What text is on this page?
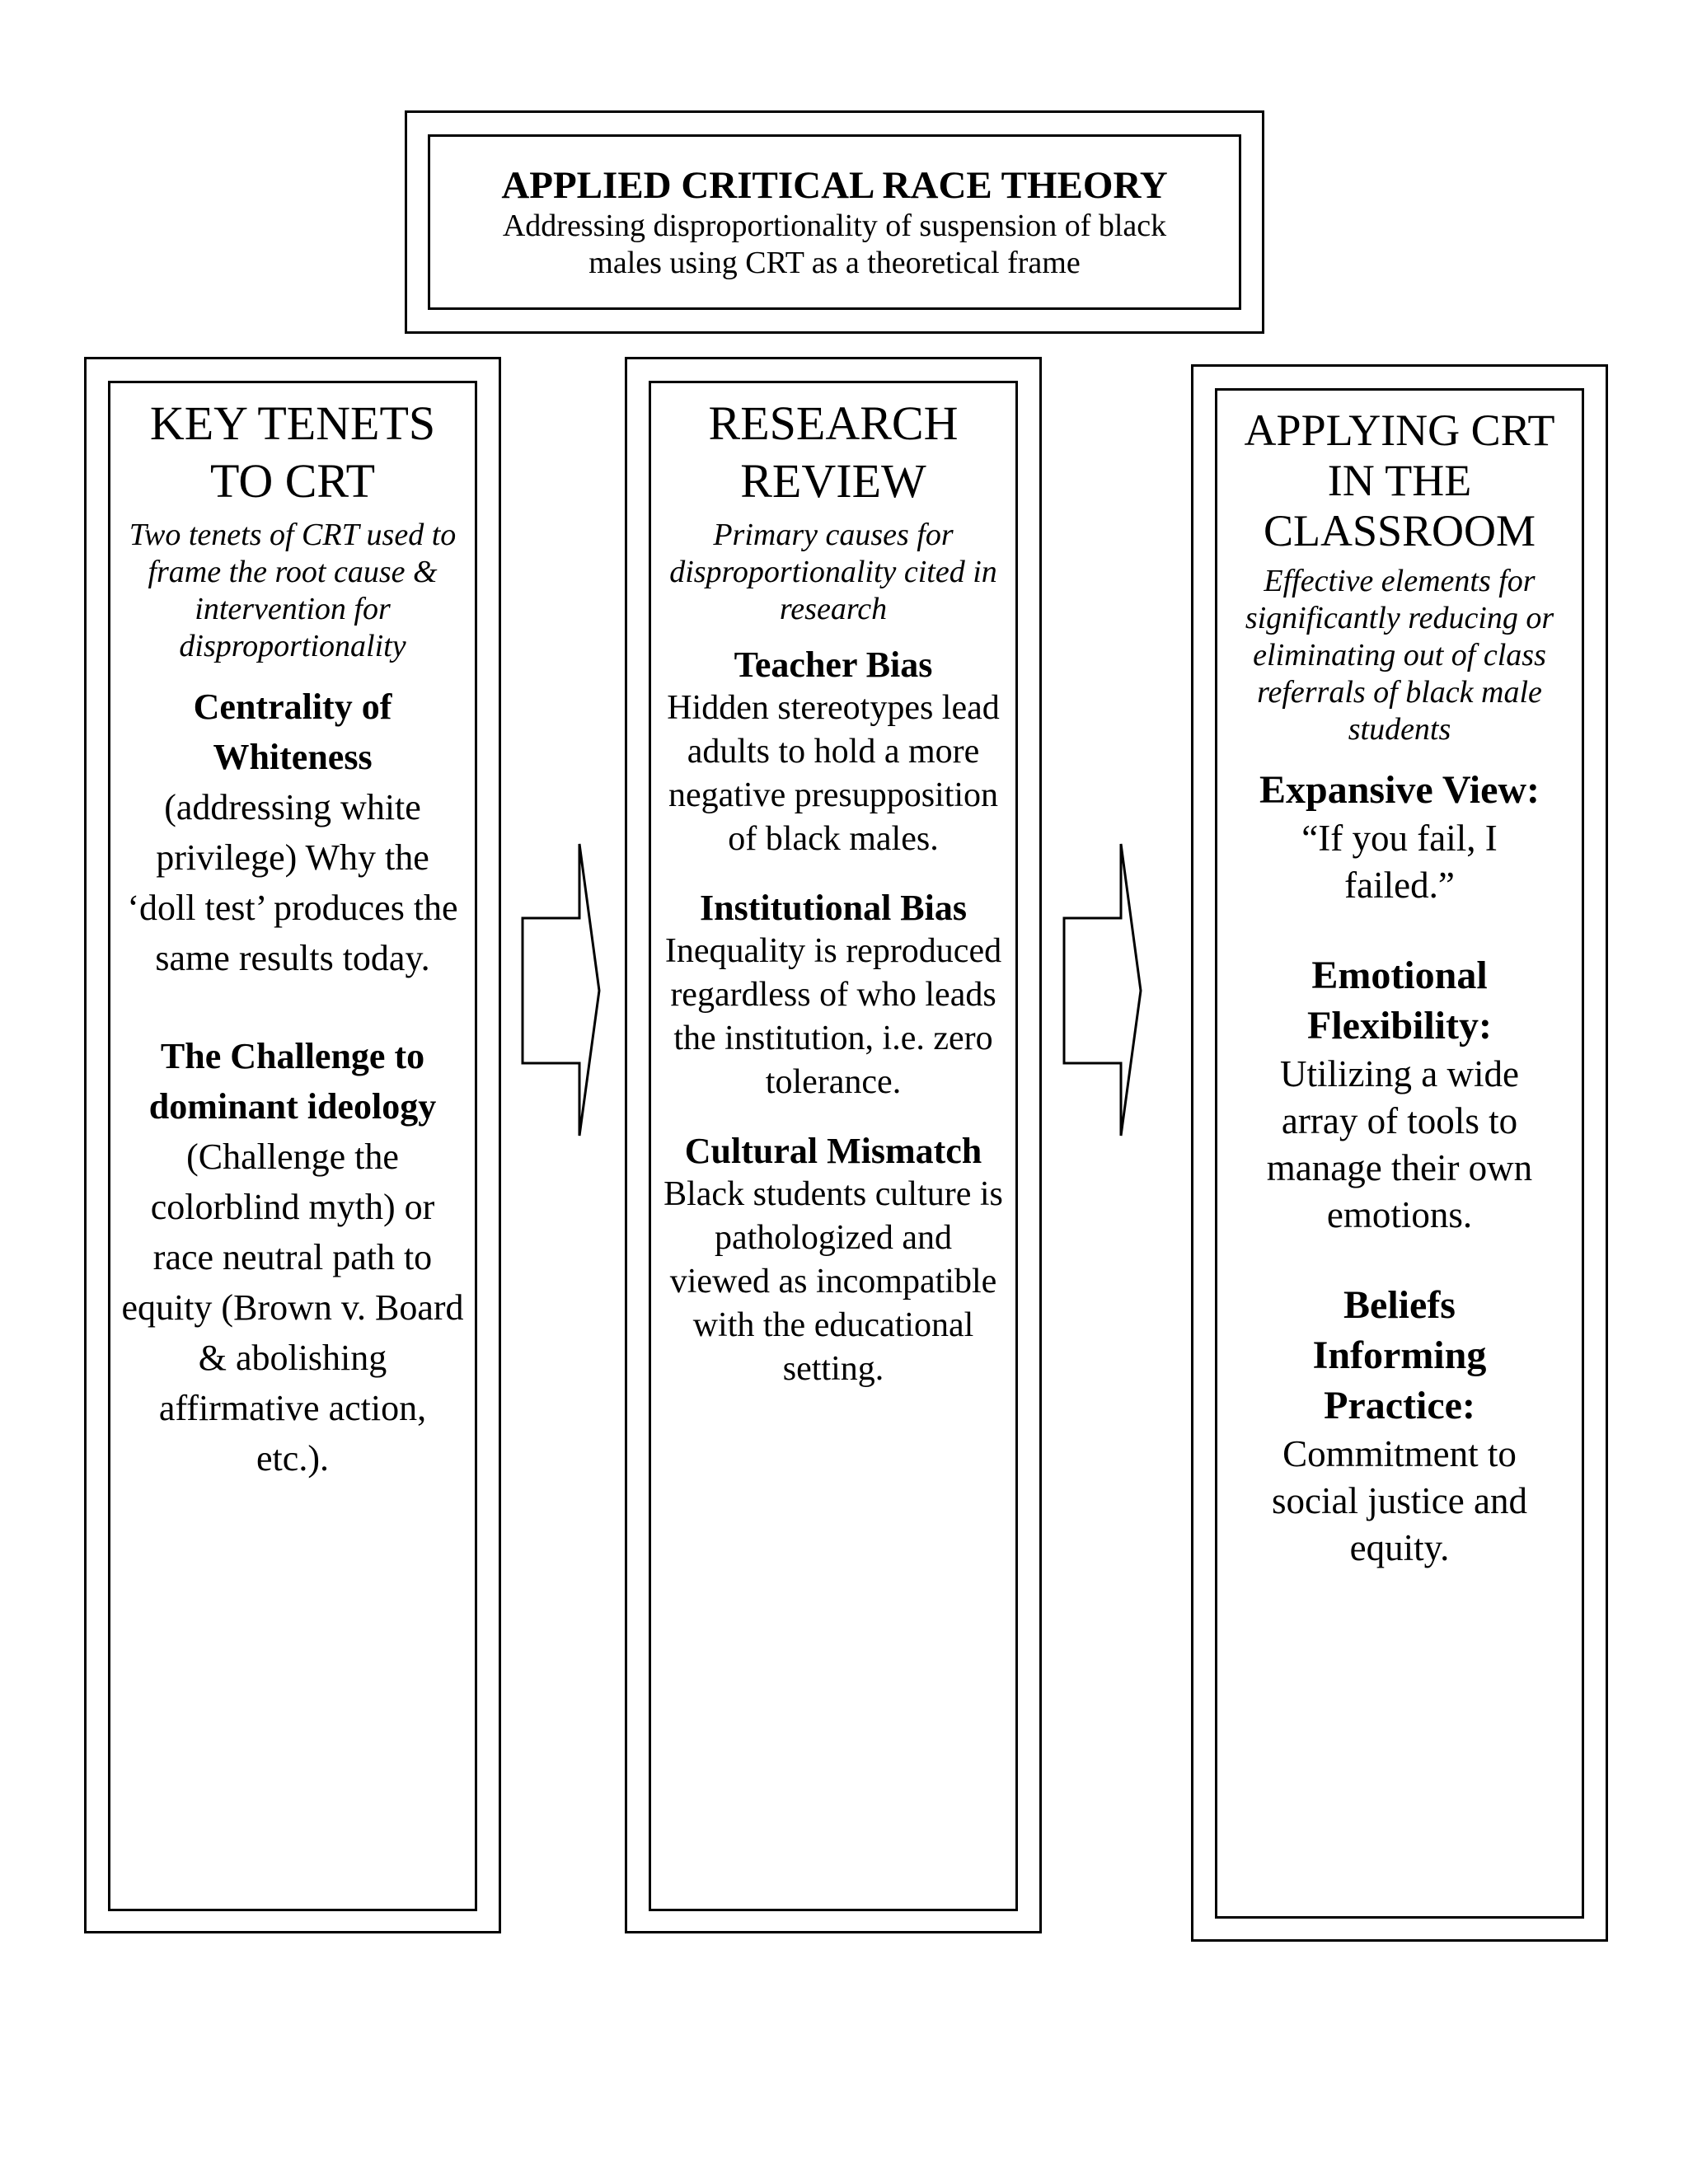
APPLIED CRITICAL RACE THEORY
Addressing disproportionality of suspension of black males using CRT as a theoretical frame
KEY TENETS TO CRT
Two tenets of CRT used to frame the root cause & intervention for disproportionality
Centrality of Whiteness
(addressing white privilege) Why the ‘doll test’ produces the same results today.
The Challenge to dominant ideology
(Challenge the colorblind myth) or race neutral path to equity (Brown v. Board & abolishing affirmative action, etc.).
RESEARCH REVIEW
Primary causes for disproportionality cited in research
Teacher Bias
Hidden stereotypes lead adults to hold a more negative presupposition of black males.
Institutional Bias
Inequality is reproduced regardless of who leads the institution, i.e. zero tolerance.
Cultural Mismatch
Black students culture is pathologized and viewed as incompatible with the educational setting.
APPLYING CRT IN THE CLASSROOM
Effective elements for significantly reducing or eliminating out of class referrals of black male students
Expansive View:
“If you fail, I failed.”
Emotional Flexibility:
Utilizing a wide array of tools to manage their own emotions.
Beliefs Informing Practice:
Commitment to social justice and equity.
